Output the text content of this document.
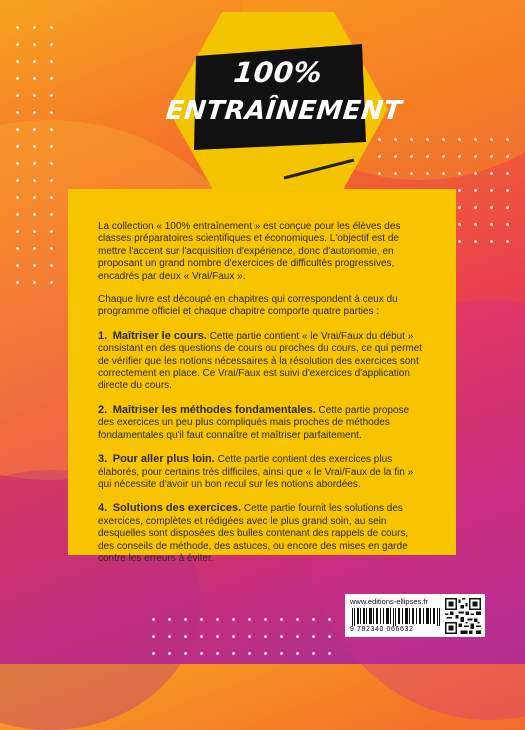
100%
ENTRAÎNEMENT

La collection « 100% entraînement » est conçue pour les élèves des classes préparatoires scientifiques et économiques. L'objectif est de mettre l'accent sur l'acquisition d'expérience, donc d'autonomie, en proposant un grand nombre d'exercices de difficultés progressives, encadrés par deux « Vrai/Faux ».

Chaque livre est découpé en chapitres qui correspondent à ceux du programme officiel et chaque chapitre comporte quatre parties :

1. Maîtriser le cours. Cette partie contient « le Vrai/Faux du début » consistant en des questions de cours ou proches du cours, ce qui permet de vérifier que les notions nécessaires à la résolution des exercices sont correctement en place. Ce Vrai/Faux est suivi d'exercices d'application directe du cours.

2. Maîtriser les méthodes fondamentales. Cette partie propose des exercices un peu plus compliqués mais proches de méthodes fondamentales qu'il faut connaître et maîtriser parfaitement.

3. Pour aller plus loin. Cette partie contient des exercices plus élaborés, pour certains très difficiles, ainsi que « le Vrai/Faux de la fin » qui nécessite d'avoir un bon recul sur les notions abordées.

4. Solutions des exercices. Cette partie fournit les solutions des exercices, complètes et rédigées avec le plus grand soin, au sein desquelles sont disposées des bulles contenant des rappels de cours, des conseils de méthode, des astuces, ou encore des mises en garde contre les erreurs à éviter.

www.editions-ellipses.fr
9 782340 066632
